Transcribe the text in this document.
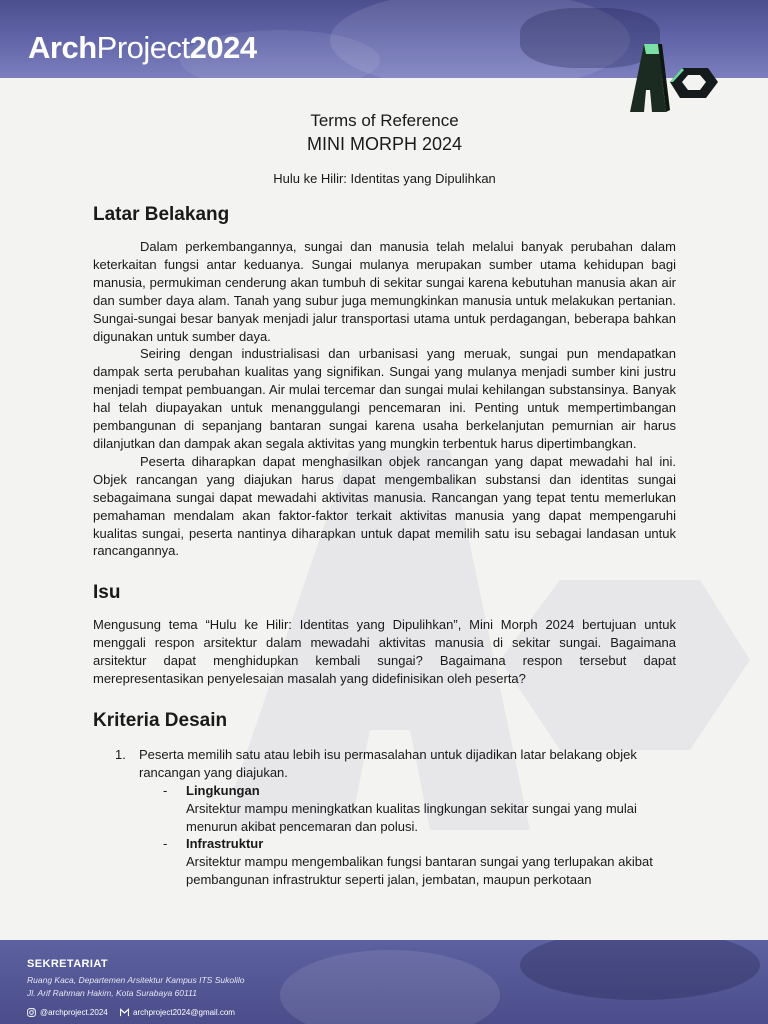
ArchProject2024
Terms of Reference
MINI MORPH 2024
Hulu ke Hilir: Identitas yang Dipulihkan
Latar Belakang

Dalam perkembangannya, sungai dan manusia telah melalui banyak perubahan dalam keterkaitan fungsi antar keduanya. Sungai mulanya merupakan sumber utama kehidupan bagi manusia, permukiman cenderung akan tumbuh di sekitar sungai karena kebutuhan manusia akan air dan sumber daya alam. Tanah yang subur juga memungkinkan manusia untuk melakukan pertanian. Sungai-sungai besar banyak menjadi jalur transportasi utama untuk perdagangan, beberapa bahkan digunakan untuk sumber daya.

Seiring dengan industrialisasi dan urbanisasi yang meruak, sungai pun mendapatkan dampak serta perubahan kualitas yang signifikan. Sungai yang mulanya menjadi sumber kini justru menjadi tempat pembuangan. Air mulai tercemar dan sungai mulai kehilangan substansinya. Banyak hal telah diupayakan untuk menanggulangi pencemaran ini. Penting untuk mempertimbangan pembangunan di sepanjang bantaran sungai karena usaha berkelanjutan pemurnian air harus dilanjutkan dan dampak akan segala aktivitas yang mungkin terbentuk harus dipertimbangkan.

Peserta diharapkan dapat menghasilkan objek rancangan yang dapat mewadahi hal ini. Objek rancangan yang diajukan harus dapat mengembalikan substansi dan identitas sungai sebagaimana sungai dapat mewadahi aktivitas manusia. Rancangan yang tepat tentu memerlukan pemahaman mendalam akan faktor-faktor terkait aktivitas manusia yang dapat mempengaruhi kualitas sungai, peserta nantinya diharapkan untuk dapat memilih satu isu sebagai landasan untuk rancangannya.

Isu

Mengusung tema “Hulu ke Hilir: Identitas yang Dipulihkan”, Mini Morph 2024 bertujuan untuk menggali respon arsitektur dalam mewadahi aktivitas manusia di sekitar sungai. Bagaimana arsitektur dapat menghidupkan kembali sungai? Bagaimana respon tersebut dapat merepresentasikan penyelesaian masalah yang didefinisikan oleh peserta?

Kriteria Desain
1. Peserta memilih satu atau lebih isu permasalahan untuk dijadikan latar belakang objek rancangan yang diajukan.
- Lingkungan
Arsitektur mampu meningkatkan kualitas lingkungan sekitar sungai yang mulai menurun akibat pencemaran dan polusi.
- Infrastruktur
Arsitektur mampu mengembalikan fungsi bantaran sungai yang terlupakan akibat pembangunan infrastruktur seperti jalan, jembatan, maupun perkotaan
SEKRETARIAT
Ruang Kaca, Departemen Arsitektur Kampus ITS Sukolilo
Jl. Arif Rahman Hakim, Kota Surabaya 60111
@archproject.2024	archproject2024@gmail.com
